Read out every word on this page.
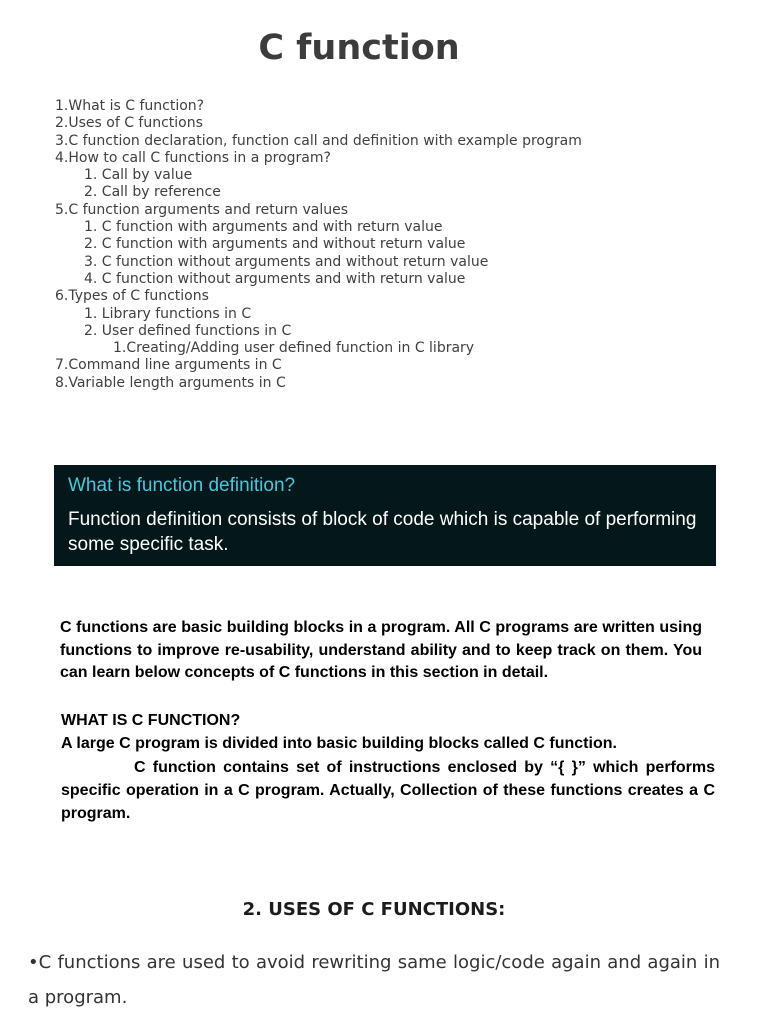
C function
1.What is C function?
2.Uses of C functions
3.C function declaration, function call and definition with example program
4.How to call C functions in a program?
1. Call by value
2. Call by reference
5.C function arguments and return values
1. C function with arguments and with return value
2. C function with arguments and without return value
3. C function without arguments and without return value
4. C function without arguments and with return value
6.Types of C functions
1. Library functions in C
2. User defined functions in C
1.Creating/Adding user defined function in C library
7.Command line arguments in C
8.Variable length arguments in C
What is function definition?
Function definition consists of block of code which is capable of performing some specific task.

C functions are basic building blocks in a program. All C programs are written using functions to improve re-usability, understand ability and to keep track on them. You can learn below concepts of C functions in this section in detail.

WHAT IS C FUNCTION?
A large C program is divided into basic building blocks called C function.
C function contains set of instructions enclosed by “{ }” which performs specific operation in a C program. Actually, Collection of these functions creates a C program.
2. USES OF C FUNCTIONS:

•C functions are used to avoid rewriting same logic/code again and again in a program.
